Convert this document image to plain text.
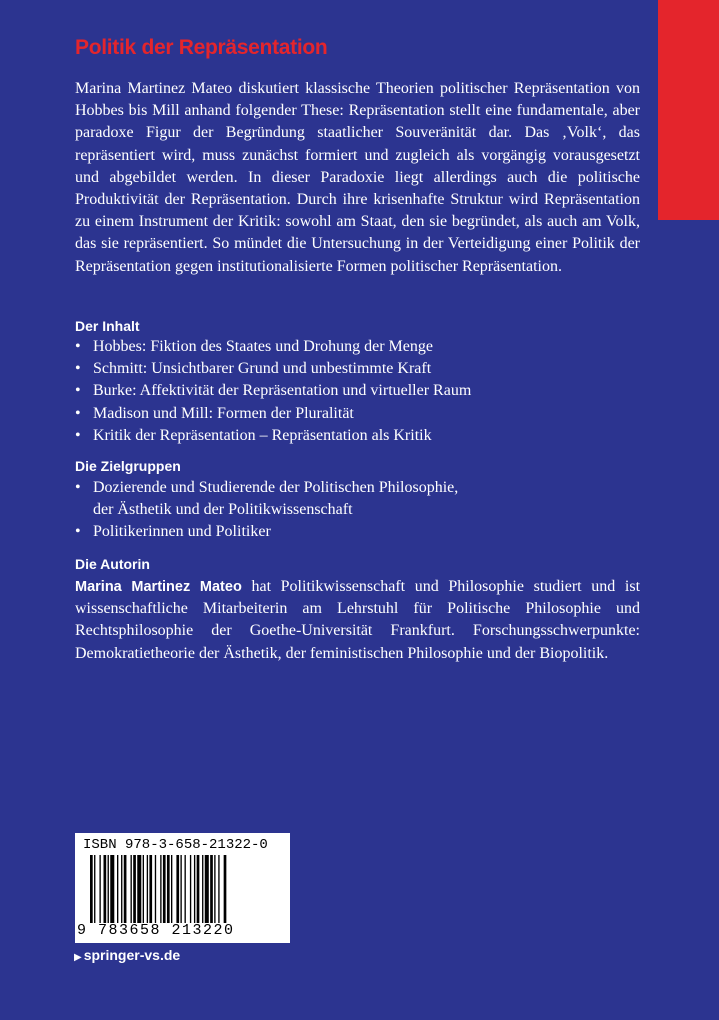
Politik der Repräsentation
Marina Martinez Mateo diskutiert klassische Theorien politischer Repräsentation von Hobbes bis Mill anhand folgender These: Repräsentation stellt eine fundamentale, aber paradoxe Figur der Begründung staatlicher Souveränität dar. Das ‚Volk‘, das repräsentiert wird, muss zunächst formiert und zugleich als vorgängig vorausgesetzt und abgebildet werden. In dieser Paradoxie liegt allerdings auch die politische Produktivität der Repräsentation. Durch ihre krisenhafte Struktur wird Repräsentation zu einem Instrument der Kritik: sowohl am Staat, den sie begründet, als auch am Volk, das sie repräsentiert. So mündet die Untersuchung in der Verteidigung einer Politik der Repräsentation gegen institutionalisierte Formen politischer Repräsentation.
Der Inhalt
• Hobbes: Fiktion des Staates und Drohung der Menge
• Schmitt: Unsichtbarer Grund und unbestimmte Kraft
• Burke: Affektivität der Repräsentation und virtueller Raum
• Madison und Mill: Formen der Pluralität
• Kritik der Repräsentation – Repräsentation als Kritik
Die Zielgruppen
• Dozierende und Studierende der Politischen Philosophie,
der Ästhetik und der Politikwissenschaft
• Politikerinnen und Politiker
Die Autorin
Marina Martinez Mateo hat Politikwissenschaft und Philosophie studiert und ist wissenschaftliche Mitarbeiterin am Lehrstuhl für Politische Philosophie und Rechtsphilosophie der Goethe-Universität Frankfurt. Forschungsschwerpunkte: Demokratietheorie der Ästhetik, der feministischen Philosophie und der Biopolitik.
ISBN 978-3-658-21322-0
9 783658 213220
▶ springer-vs.de
